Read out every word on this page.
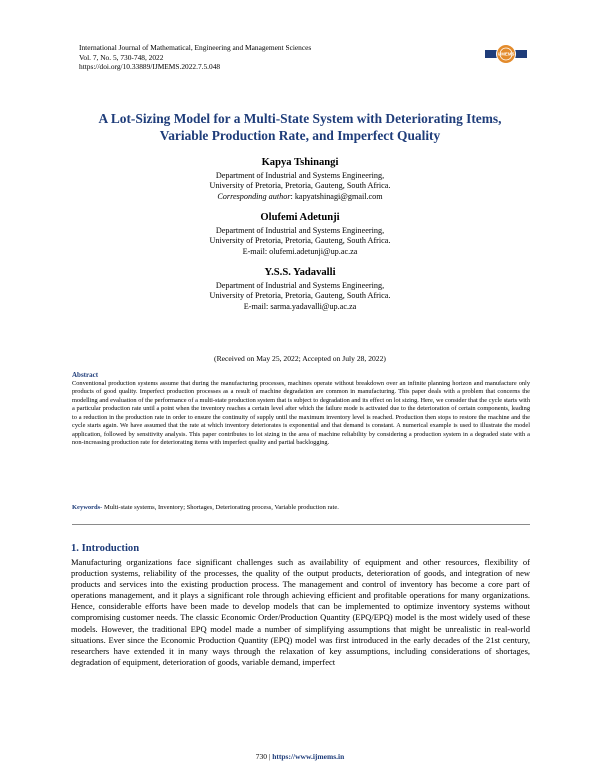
International Journal of Mathematical, Engineering and Management Sciences
Vol. 7, No. 5, 730-748, 2022
https://doi.org/10.33889/IJMEMS.2022.7.5.048
IJMEMS
A Lot-Sizing Model for a Multi-State System with Deteriorating Items,
Variable Production Rate, and Imperfect Quality
Kapya Tshinangi
Department of Industrial and Systems Engineering,
University of Pretoria, Pretoria, Gauteng, South Africa.
Corresponding author: kapyatshinagi@gmail.com
Olufemi Adetunji
Department of Industrial and Systems Engineering,
University of Pretoria, Pretoria, Gauteng, South Africa.
E-mail: olufemi.adetunji@up.ac.za
Y.S.S. Yadavalli
Department of Industrial and Systems Engineering,
University of Pretoria, Pretoria, Gauteng, South Africa.
E-mail: sarma.yadavalli@up.ac.za
(Received on May 25, 2022; Accepted on July 28, 2022)
Abstract
Conventional production systems assume that during the manufacturing processes, machines operate without breakdown over an infinite planning horizon and manufacture only products of good quality. Imperfect production processes as a result of machine degradation are common in manufacturing. This paper deals with a problem that concerns the modelling and evaluation of the performance of a multi-state production system that is subject to degradation and its effect on lot sizing. Here, we consider that the cycle starts with a particular production rate until a point when the inventory reaches a certain level after which the failure mode is activated due to the deterioration of certain components, leading to a reduction in the production rate in order to ensure the continuity of supply until the maximum inventory level is reached. Production then stops to restore the machine and the cycle starts again. We have assumed that the rate at which inventory deteriorates is exponential and that demand is constant. A numerical example is used to illustrate the model application, followed by sensitivity analysis. This paper contributes to lot sizing in the area of machine reliability by considering a production system in a degraded state with a non-increasing production rate for deteriorating items with imperfect quality and partial backlogging.
Keywords- Multi-state systems, Inventory; Shortages, Deteriorating process, Variable production rate.
1. Introduction
Manufacturing organizations face significant challenges such as availability of equipment and other resources, flexibility of production systems, reliability of the processes, the quality of the output products, deterioration of goods, and integration of new products and services into the existing production process. The management and control of inventory has become a core part of operations management, and it plays a significant role through achieving efficient and profitable operations for many organizations. Hence, considerable efforts have been made to develop models that can be implemented to optimize inventory systems without compromising customer needs. The classic Economic Order/Production Quantity (EPQ/EPQ) model is the most widely used of these models. However, the traditional EPQ model made a number of simplifying assumptions that might be unrealistic in real-world situations. Ever since the Economic Production Quantity (EPQ) model was first introduced in the early decades of the 21st century, researchers have extended it in many ways through the relaxation of key assumptions, including considerations of shortages, degradation of equipment, deterioration of goods, variable demand, imperfect
730 | https://www.ijmems.in
